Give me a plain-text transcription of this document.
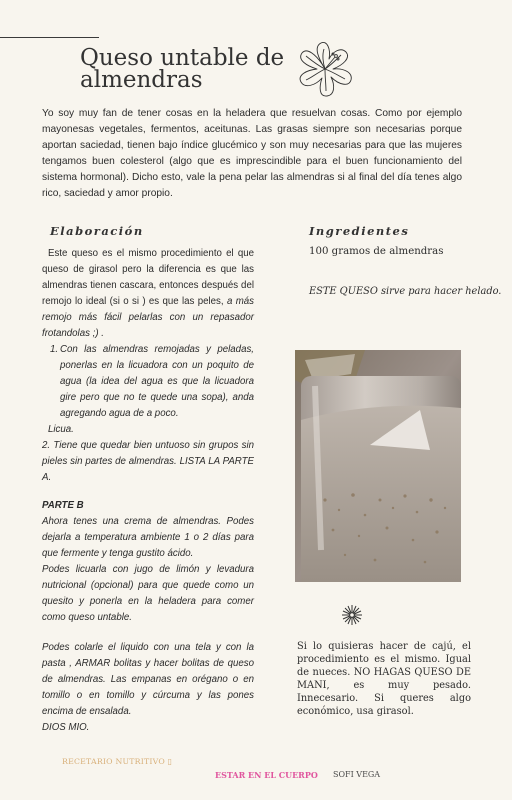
Queso untable de almendras

Yo soy muy fan de tener cosas en la heladera que resuelvan cosas. Como por ejemplo mayonesas vegetales, fermentos, aceitunas. Las grasas siempre son necesarias porque aportan saciedad, tienen bajo índice glucémico y son muy necesarias para que las mujeres tengamos buen colesterol (algo que es imprescindible para el buen funcionamiento del sistema hormonal). Dicho esto, vale la pena pelar las almendras si al final del día tenes algo rico, saciedad y amor propio.

Elaboración	Ingredientes

Este queso es el mismo procedimiento el que queso de girasol pero la diferencia es que las almendras tienen cascara, entonces después del remojo lo ideal (si o si ) es que las peles, a más remojo más fácil pelarlas con un repasador frotandolas ;) .

1. Con las almendras remojadas y peladas, ponerlas en la licuadora con un poquito de agua (la idea del agua es que la licuadora gire pero que no te quede una sopa), anda agregando agua de a poco.

Licua.

2. Tiene que quedar bien untuoso sin grupos sin pieles sin partes de almendras. LISTA LA PARTE A.

PARTE B

Ahora tenes una crema de almendras. Podes dejarla a temperatura ambiente 1 o 2 días para que fermente y tenga gustito ácido.

Podes licuarla con jugo de limón y levadura nutricional (opcional) para que quede como un quesito y ponerla en la heladera para comer como queso untable.

Podes colarle el liquido con una tela y con la pasta , ARMAR bolitas y hacer bolitas de queso de almendras. Las empanas en orégano o en tomillo o en tomillo y cúrcuma y las pones encima de ensalada.

DIOS MIO.

100 gramos de almendras

ESTE QUESO sirve para hacer helado.

Si lo quisieras hacer de cajú, el procedimiento es el mismo. Igual de nueces. NO HAGAS QUESO DE MANI, es muy pesado. Innecesario. Si queres algo económico, usa girasol.

RECETARIO NUTRITIVO ▯

ESTAR EN EL CUERPO SOFI VEGA
